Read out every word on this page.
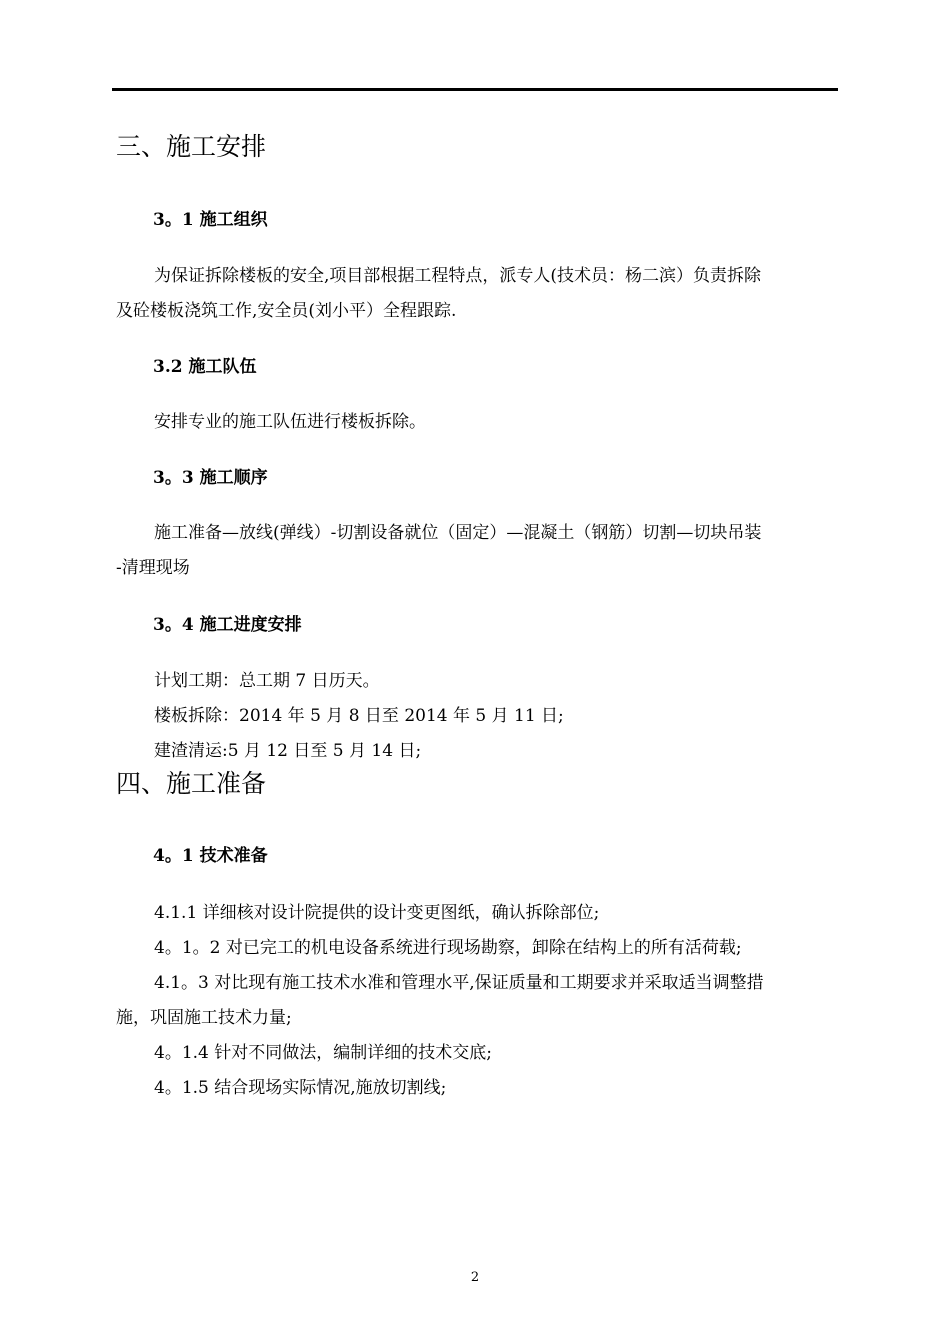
三、施工安排
3。1 施工组织
为保证拆除楼板的安全,项目部根据工程特点，派专人(技术员：杨二滨）负责拆除
及砼楼板浇筑工作,安全员(刘小平）全程跟踪.
3.2 施工队伍
安排专业的施工队伍进行楼板拆除。
3。3 施工顺序
施工准备—放线(弹线）-切割设备就位（固定）—混凝土（钢筋）切割—切块吊装
-清理现场
3。4 施工进度安排
计划工期：总工期 7 日历天。
楼板拆除：2014 年 5 月 8 日至 2014 年 5 月 11 日;
建渣清运:5 月 12 日至 5 月 14 日;
四、施工准备
4。1 技术准备
4.1.1 详细核对设计院提供的设计变更图纸，确认拆除部位;
4。1。2 对已完工的机电设备系统进行现场勘察，卸除在结构上的所有活荷载;
4.1。3 对比现有施工技术水准和管理水平,保证质量和工期要求并采取适当调整措
施，巩固施工技术力量;
4。1.4 针对不同做法，编制详细的技术交底;
4。1.5 结合现场实际情况,施放切割线;
2
